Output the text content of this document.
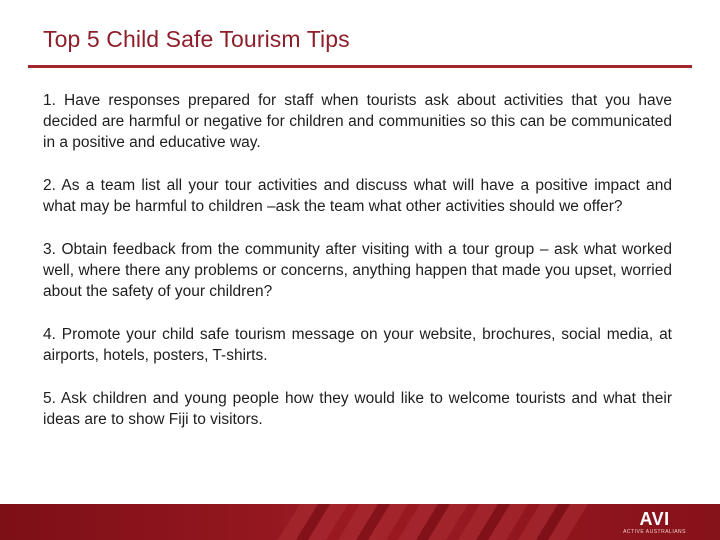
Top 5 Child Safe Tourism Tips
1. Have responses prepared for staff when tourists ask about activities that you have decided are harmful or negative for children and communities so this can be communicated in a positive and educative way.
2. As a team list all your tour activities and discuss what will have a positive impact and what may be harmful to children –ask the team what other activities should we offer?
3. Obtain feedback from the community after visiting with a tour group – ask what worked well, where there any problems or concerns, anything happen that made you upset, worried about the safety of your children?
4. Promote your child safe tourism message on your website, brochures, social media, at airports, hotels, posters, T-shirts.
5. Ask children and young people how they would like to welcome tourists and what their ideas are to show Fiji to visitors.
AVI
ACTIVE AUSTRALIANS
